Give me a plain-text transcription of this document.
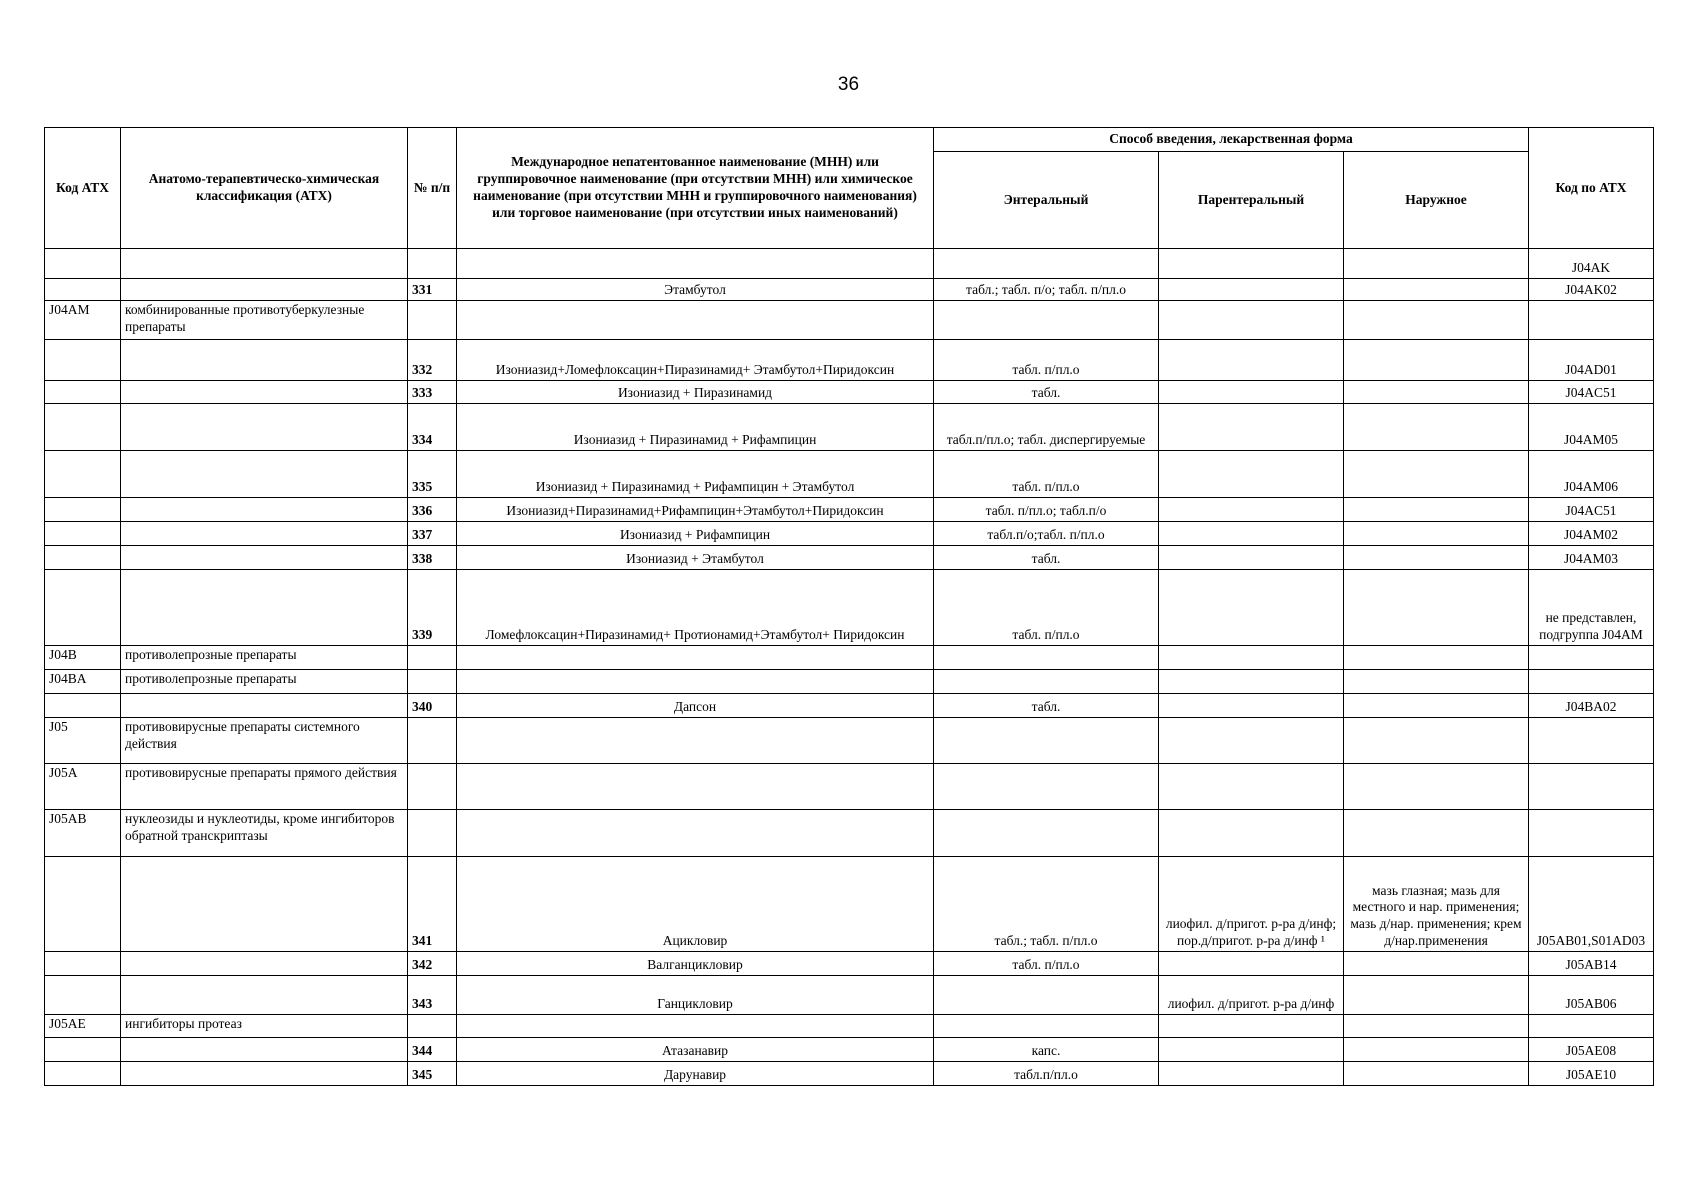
36
Код АТХ	Анатомо-терапевтическо-химическая классификация (АТХ)	№ п/п	Международное непатентованное наименование (МНН) или группировочное наименование (при отсутствии МНН) или химическое наименование (при отсутствии МНН и группировочного наименования) или торговое наименование (при отсутствии иных наименований)	Способ введения, лекарственная форма			Код по АТХ
				Энтеральный	Парентеральный	Наружное	
							J04AK
		331	Этамбутол	табл.; табл. п/о; табл. п/пл.о			J04AK02
J04AM	комбинированные противотуберкулезные препараты						
		332	Изониазид+Ломефлоксацин+Пиразинамид+ Этамбутол+Пиридоксин	табл. п/пл.о			J04AD01
		333	Изониазид + Пиразинамид	табл.			J04AC51
		334	Изониазид + Пиразинамид + Рифампицин	табл.п/пл.о; табл. диспергируемые			J04AM05
		335	Изониазид + Пиразинамид + Рифампицин + Этамбутол	табл. п/пл.о			J04AM06
		336	Изониазид+Пиразинамид+Рифампицин+Этамбутол+Пиридоксин	табл. п/пл.о; табл.п/о			J04AC51
		337	Изониазид + Рифампицин	табл.п/о;табл. п/пл.о			J04AM02
		338	Изониазид + Этамбутол	табл.			J04AM03
		339	Ломефлоксацин+Пиразинамид+ Протионамид+Этамбутол+ Пиридоксин	табл. п/пл.о			не представлен, подгруппа J04AM
J04B	противолепрозные препараты						
J04BA	противолепрозные препараты						
		340	Дапсон	табл.			J04BA02
J05	противовирусные препараты системного действия						
J05A	противовирусные препараты прямого действия						
J05AB	нуклеозиды и нуклеотиды, кроме ингибиторов обратной транскриптазы						
		341	Ацикловир	табл.; табл. п/пл.о	лиофил. д/пригот. р-ра д/инф; пор.д/пригот. р-ра д/инф ¹	мазь глазная; мазь для местного и нар. применения; мазь д/нар. применения; крем д/нар.применения	J05AB01,S01AD03
		342	Валганцикловир	табл. п/пл.о			J05AB14
		343	Ганцикловир		лиофил. д/пригот. р-ра д/инф		J05AB06
J05AE	ингибиторы протеаз						
		344	Атазанавир	капс.			J05AE08
		345	Дарунавир	табл.п/пл.о			J05AE10
